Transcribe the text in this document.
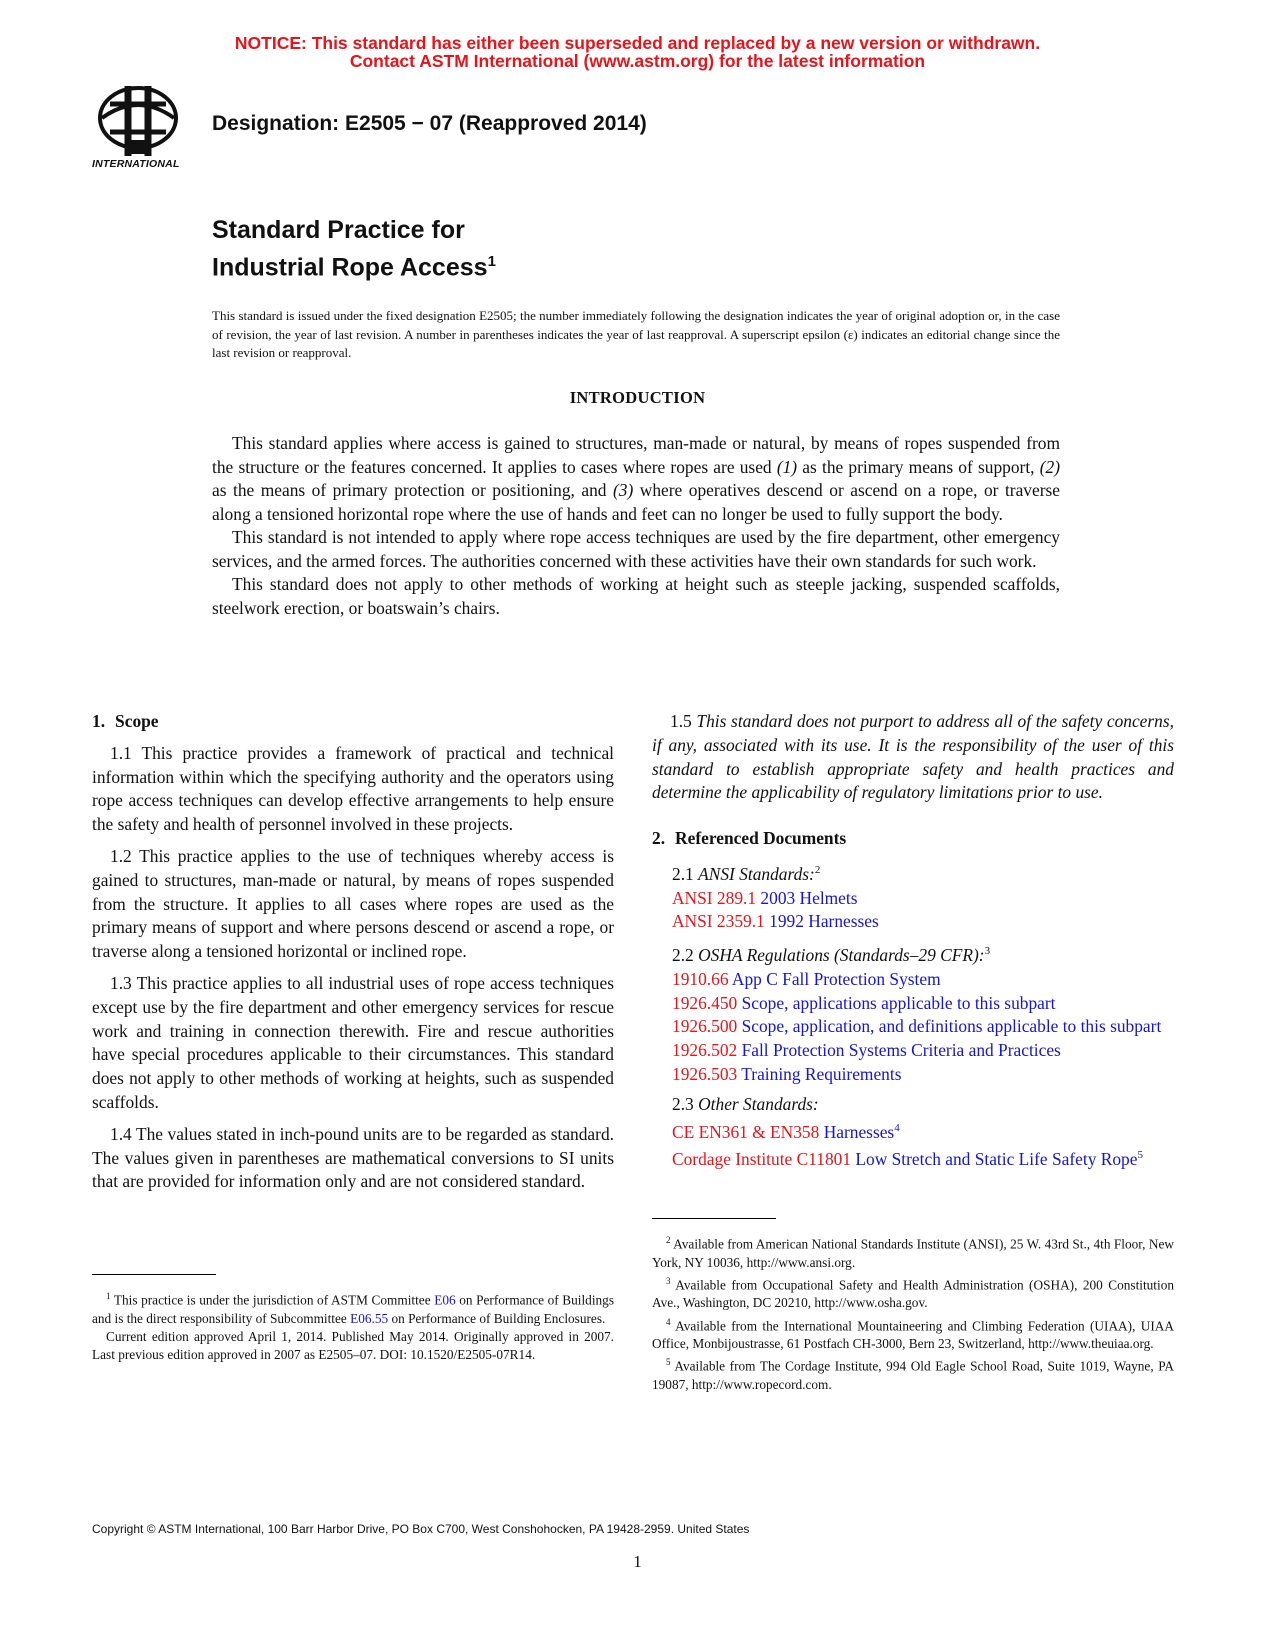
NOTICE: This standard has either been superseded and replaced by a new version or withdrawn.
Contact ASTM International (www.astm.org) for the latest information
INTERNATIONAL
Designation: E2505 − 07 (Reapproved 2014)
Standard Practice for
Industrial Rope Access$^1$
This standard is issued under the fixed designation E2505; the number immediately following the designation indicates the year of original adoption or, in the case of revision, the year of last revision. A number in parentheses indicates the year of last reapproval. A superscript epsilon (ε) indicates an editorial change since the last revision or reapproval.
INTRODUCTION

This standard applies where access is gained to structures, man-made or natural, by means of ropes suspended from the structure or the features concerned. It applies to cases where ropes are used (1) as the primary means of support, (2) as the means of primary protection or positioning, and (3) where operatives descend or ascend on a rope, or traverse along a tensioned horizontal rope where the use of hands and feet can no longer be used to fully support the body.

This standard is not intended to apply where rope access techniques are used by the fire department, other emergency services, and the armed forces. The authorities concerned with these activities have their own standards for such work.

This standard does not apply to other methods of working at height such as steeple jacking, suspended scaffolds, steelwork erection, or boatswain’s chairs.

1. Scope

1.1 This practice provides a framework of practical and technical information within which the specifying authority and the operators using rope access techniques can develop effective arrangements to help ensure the safety and health of personnel involved in these projects.

1.2 This practice applies to the use of techniques whereby access is gained to structures, man-made or natural, by means of ropes suspended from the structure. It applies to all cases where ropes are used as the primary means of support and where persons descend or ascend a rope, or traverse along a tensioned horizontal or inclined rope.

1.3 This practice applies to all industrial uses of rope access techniques except use by the fire department and other emergency services for rescue work and training in connection therewith. Fire and rescue authorities have special procedures applicable to their circumstances. This standard does not apply to other methods of working at heights, such as suspended scaffolds.

1.4 The values stated in inch-pound units are to be regarded as standard. The values given in parentheses are mathematical conversions to SI units that are provided for information only and are not considered standard.

1.5 This standard does not purport to address all of the safety concerns, if any, associated with its use. It is the responsibility of the user of this standard to establish appropriate safety and health practices and determine the applicability of regulatory limitations prior to use.

2. Referenced Documents
2.1 ANSI Standards:$^2$
ANSI 289.1 2003 Helmets
ANSI 2359.1 1992 Harnesses
2.2 OSHA Regulations (Standards–29 CFR):$^3$
1910.66 App C Fall Protection System
1926.450 Scope, applications applicable to this subpart
1926.500 Scope, application, and definitions applicable to this subpart
1926.502 Fall Protection Systems Criteria and Practices
1926.503 Training Requirements
2.3 Other Standards:
CE EN361 & EN358 Harnesses$^4$
Cordage Institute C11801 Low Stretch and Static Life Safety Rope$^5$

$^1$ This practice is under the jurisdiction of ASTM Committee E06 on Performance of Buildings and is the direct responsibility of Subcommittee E06.55 on Performance of Building Enclosures.

Current edition approved April 1, 2014. Published May 2014. Originally approved in 2007. Last previous edition approved in 2007 as E2505–07. DOI: 10.1520/E2505-07R14.

$^2$ Available from American National Standards Institute (ANSI), 25 W. 43rd St., 4th Floor, New York, NY 10036, http://www.ansi.org.

$^3$ Available from Occupational Safety and Health Administration (OSHA), 200 Constitution Ave., Washington, DC 20210, http://www.osha.gov.

$^4$ Available from the International Mountaineering and Climbing Federation (UIAA), UIAA Office, Monbijoustrasse, 61 Postfach CH-3000, Bern 23, Switzerland, http://www.theuiaa.org.

$^5$ Available from The Cordage Institute, 994 Old Eagle School Road, Suite 1019, Wayne, PA 19087, http://www.ropecord.com.

Copyright © ASTM International, 100 Barr Harbor Drive, PO Box C700, West Conshohocken, PA 19428-2959. United States
1
